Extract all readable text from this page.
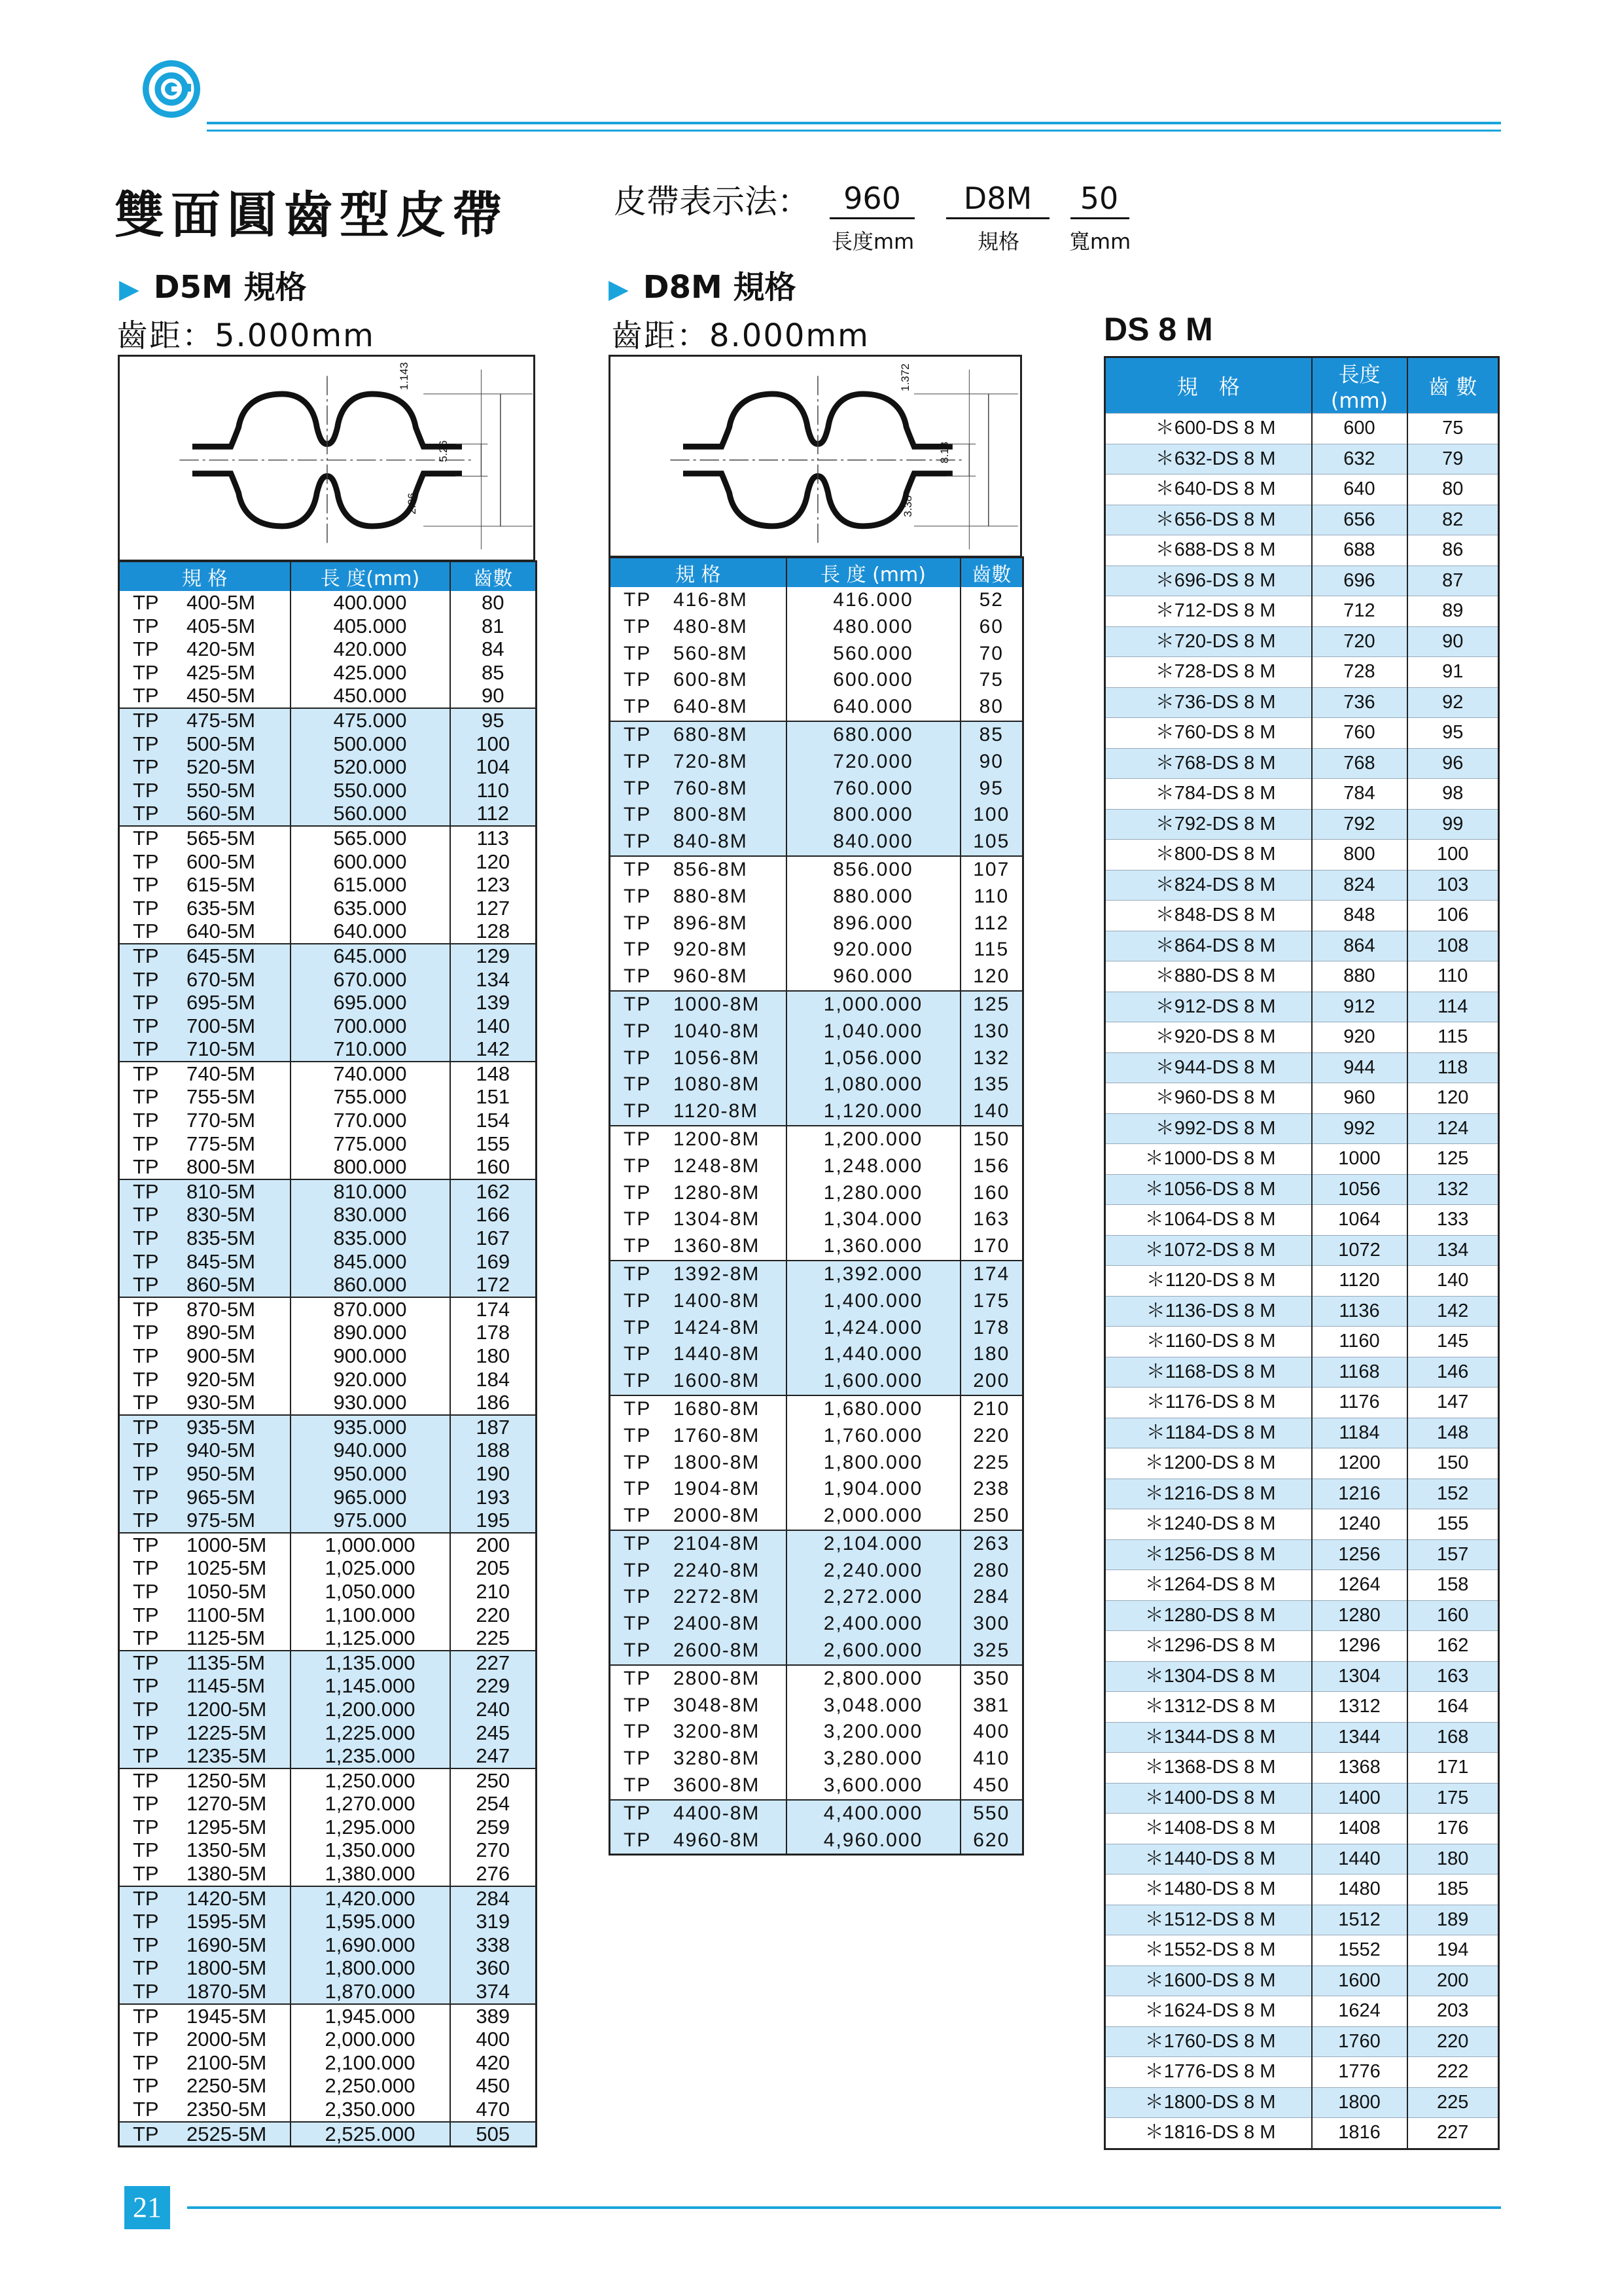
雙面圓齒型皮帶	皮帶表示法：	960
長度mm
D8M
規格
50
寬mm
▶ D5M 規格
齒距：5.000mm
▶ D8M 規格
齒距：8.000mm	DS 8 M
1.143
5.26
2.06
1.372
8.13
3.38
規 格	長 度(mm)	齒數
TP 400-5M	400.000	80
TP 405-5M	405.000	81
TP 420-5M	420.000	84
TP 425-5M	425.000	85
TP 450-5M	450.000	90
TP 475-5M	475.000	95
TP 500-5M	500.000	100
TP 520-5M	520.000	104
TP 550-5M	550.000	110
TP 560-5M	560.000	112
TP 565-5M	565.000	113
TP 600-5M	600.000	120
TP 615-5M	615.000	123
TP 635-5M	635.000	127
TP 640-5M	640.000	128
TP 645-5M	645.000	129
TP 670-5M	670.000	134
TP 695-5M	695.000	139
TP 700-5M	700.000	140
TP 710-5M	710.000	142
TP 740-5M	740.000	148
TP 755-5M	755.000	151
TP 770-5M	770.000	154
TP 775-5M	775.000	155
TP 800-5M	800.000	160
TP 810-5M	810.000	162
TP 830-5M	830.000	166
TP 835-5M	835.000	167
TP 845-5M	845.000	169
TP 860-5M	860.000	172
TP 870-5M	870.000	174
TP 890-5M	890.000	178
TP 900-5M	900.000	180
TP 920-5M	920.000	184
TP 930-5M	930.000	186
TP 935-5M	935.000	187
TP 940-5M	940.000	188
TP 950-5M	950.000	190
TP 965-5M	965.000	193
TP 975-5M	975.000	195
TP 1000-5M	1,000.000	200
TP 1025-5M	1,025.000	205
TP 1050-5M	1,050.000	210
TP 1100-5M	1,100.000	220
TP 1125-5M	1,125.000	225
TP 1135-5M	1,135.000	227
TP 1145-5M	1,145.000	229
TP 1200-5M	1,200.000	240
TP 1225-5M	1,225.000	245
TP 1235-5M	1,235.000	247
TP 1250-5M	1,250.000	250
TP 1270-5M	1,270.000	254
TP 1295-5M	1,295.000	259
TP 1350-5M	1,350.000	270
TP 1380-5M	1,380.000	276
TP 1420-5M	1,420.000	284
TP 1595-5M	1,595.000	319
TP 1690-5M	1,690.000	338
TP 1800-5M	1,800.000	360
TP 1870-5M	1,870.000	374
TP 1945-5M	1,945.000	389
TP 2000-5M	2,000.000	400
TP 2100-5M	2,100.000	420
TP 2250-5M	2,250.000	450
TP 2350-5M	2,350.000	470
TP 2525-5M	2,525.000	505
規 格	長 度 (mm)	齒數
TP 416-8M	416.000	52
TP 480-8M	480.000	60
TP 560-8M	560.000	70
TP 600-8M	600.000	75
TP 640-8M	640.000	80
TP 680-8M	680.000	85
TP 720-8M	720.000	90
TP 760-8M	760.000	95
TP 800-8M	800.000	100
TP 840-8M	840.000	105
TP 856-8M	856.000	107
TP 880-8M	880.000	110
TP 896-8M	896.000	112
TP 920-8M	920.000	115
TP 960-8M	960.000	120
TP 1000-8M	1,000.000	125
TP 1040-8M	1,040.000	130
TP 1056-8M	1,056.000	132
TP 1080-8M	1,080.000	135
TP 1120-8M	1,120.000	140
TP 1200-8M	1,200.000	150
TP 1248-8M	1,248.000	156
TP 1280-8M	1,280.000	160
TP 1304-8M	1,304.000	163
TP 1360-8M	1,360.000	170
TP 1392-8M	1,392.000	174
TP 1400-8M	1,400.000	175
TP 1424-8M	1,424.000	178
TP 1440-8M	1,440.000	180
TP 1600-8M	1,600.000	200
TP 1680-8M	1,680.000	210
TP 1760-8M	1,760.000	220
TP 1800-8M	1,800.000	225
TP 1904-8M	1,904.000	238
TP 2000-8M	2,000.000	250
TP 2104-8M	2,104.000	263
TP 2240-8M	2,240.000	280
TP 2272-8M	2,272.000	284
TP 2400-8M	2,400.000	300
TP 2600-8M	2,600.000	325
TP 2800-8M	2,800.000	350
TP 3048-8M	3,048.000	381
TP 3200-8M	3,200.000	400
TP 3280-8M	3,280.000	410
TP 3600-8M	3,600.000	450
TP 4400-8M	4,400.000	550
TP 4960-8M	4,960.000	620
規　格	長度(mm)	齒 數
＊600-DS 8 M	600	75
＊632-DS 8 M	632	79
＊640-DS 8 M	640	80
＊656-DS 8 M	656	82
＊688-DS 8 M	688	86
＊696-DS 8 M	696	87
＊712-DS 8 M	712	89
＊720-DS 8 M	720	90
＊728-DS 8 M	728	91
＊736-DS 8 M	736	92
＊760-DS 8 M	760	95
＊768-DS 8 M	768	96
＊784-DS 8 M	784	98
＊792-DS 8 M	792	99
＊800-DS 8 M	800	100
＊824-DS 8 M	824	103
＊848-DS 8 M	848	106
＊864-DS 8 M	864	108
＊880-DS 8 M	880	110
＊912-DS 8 M	912	114
＊920-DS 8 M	920	115
＊944-DS 8 M	944	118
＊960-DS 8 M	960	120
＊992-DS 8 M	992	124
＊1000-DS 8 M	1000	125
＊1056-DS 8 M	1056	132
＊1064-DS 8 M	1064	133
＊1072-DS 8 M	1072	134
＊1120-DS 8 M	1120	140
＊1136-DS 8 M	1136	142
＊1160-DS 8 M	1160	145
＊1168-DS 8 M	1168	146
＊1176-DS 8 M	1176	147
＊1184-DS 8 M	1184	148
＊1200-DS 8 M	1200	150
＊1216-DS 8 M	1216	152
＊1240-DS 8 M	1240	155
＊1256-DS 8 M	1256	157
＊1264-DS 8 M	1264	158
＊1280-DS 8 M	1280	160
＊1296-DS 8 M	1296	162
＊1304-DS 8 M	1304	163
＊1312-DS 8 M	1312	164
＊1344-DS 8 M	1344	168
＊1368-DS 8 M	1368	171
＊1400-DS 8 M	1400	175
＊1408-DS 8 M	1408	176
＊1440-DS 8 M	1440	180
＊1480-DS 8 M	1480	185
＊1512-DS 8 M	1512	189
＊1552-DS 8 M	1552	194
＊1600-DS 8 M	1600	200
＊1624-DS 8 M	1624	203
＊1760-DS 8 M	1760	220
＊1776-DS 8 M	1776	222
＊1800-DS 8 M	1800	225
＊1816-DS 8 M	1816	227
21
